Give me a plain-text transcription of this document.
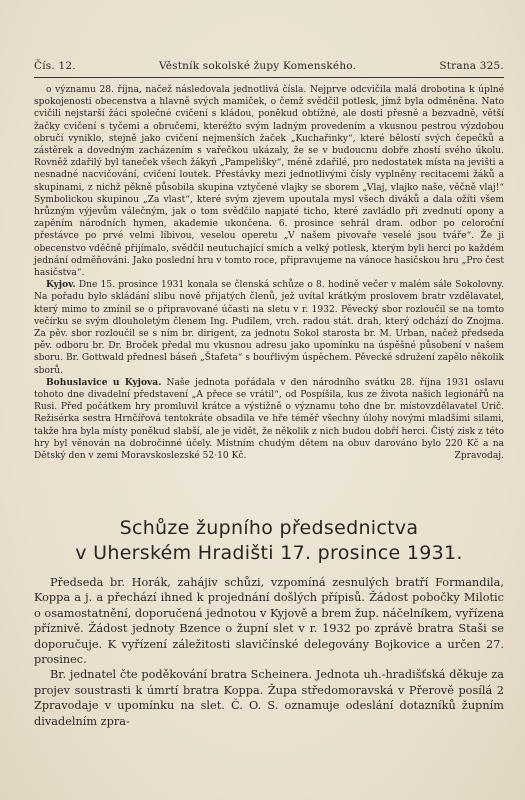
Čís. 12.	Věstník sokolské župy Komenského.	Strana 325.

o významu 28. října, načež následovala jednotlivá čísla. Nejprve odcvičila malá drobotina k úplné spokojenosti obecenstva a hlavně svých mamiček, o čemž svědčil potlesk, jímž byla odměněna. Nato cvičili nejstarší žáci společné cvičení s kládou, poněkud obtížné, ale dosti přesně a bezvadně, větší žačky cvičení s tyčemi a obručemi, kteréžto svým ladným provedením a vkusnou pestrou výzdobou obručí vyniklo, stejně jako cvičení nejmenších žaček „Kuchařinky“, které bělostí svých čepečků a zástěrek a dovedným zacházením s vařečkou ukázaly, že se v budoucnu dobře zhostí svého úkolu. Rovněž zdařilý byl taneček všech žákyň „Pampelišky“, méně zdařilé, pro nedostatek místa na jevišti a nesnadné nacvičování, cvičení loutek. Přestávky mezi jednotlivými čísly vyplněny recitacemi žáků a skupinami, z nichž pěkně působila skupina vztyčené vlajky se sborem „Vlaj, vlajko naše, věčně vlaj!“ Symbolickou skupinou „Za vlast“, které svým zjevem upoutala mysl všech diváků a dala ožíti všem hrůzným výjevům válečným, jak o tom svědčilo napjaté ticho, které zavládlo při zvednutí opony a zapěním národních hymen, akademie ukončena. 6. prosince sehrál dram. odbor po celoroční přestávce po prvé velmi líbivou, veselou operetu „V našem pivovaře veselé jsou tváře“. Že ji obecenstvo vděčně přijímalo, svědčil neutuchající smích a velký potlesk, kterým byli herci po každém jednání odměňováni. Jako poslední hru v tomto roce, připravujeme na vánoce hasičskou hru „Pro čest hasičstva“.

Kyjov. Dne 15. prosince 1931 konala se členská schůze o 8. hodině večer v malém sále Sokolovny. Na pořadu bylo skládání slibu nově přijatých členů, jež uvítal krátkým proslovem bratr vzdělavatel, který mimo to zmínil se o připravované účasti na sletu v r. 1932. Pěvecký sbor rozloučil se na tomto večírku se svým dlouholetým členem Ing. Pudilem, vrch. radou stát. drah, který odchází do Znojma. Za pěv. sbor rozloučil se s ním br. dirigent, za jednotu Sokol starosta br. M. Urban, načež předseda pěv. odboru br. Dr. Broček předal mu vkusnou adresu jako upomínku na úspěšné působení v našem sboru. Br. Gottwald přednesl báseň „Štafeta“ s bouřlivým úspěchem. Pěvecké sdružení zapělo několik sborů.

Bohuslavice u Kyjova. Naše jednota pořádala v den národního svátku 28. října 1931 oslavu tohoto dne divadelní představení „A přece se vrátil“, od Pospíšila, kus ze života našich legionářů na Rusi. Před počátkem hry promluvil krátce a výstižně o významu toho dne br. místovzdělavatel Urič. Režisérka sestra Hrnčířová tentokráte obsadila ve hře téměř všechny úlohy novými mladšími silami, takže hra byla místy poněkud slabší, ale je vidět, že několik z nich budou dobří herci. Čistý zisk z této hry byl věnován na dobročinné účely. Místním chudým dětem na obuv darováno bylo 220 Kč a na Dětský den v zemi Moravskoslezské 52·10 Kč.	Zpravodaj.

Schůze župního předsednictva
v Uherském Hradišti 17. prosince 1931.

Předseda br. Horák, zahájiv schůzi, vzpomíná zesnulých bratří Formandila, Koppa a j. a přechází ihned k projednání došlých přípisů. Žádost pobočky Milotic o osamostatnění, doporučená jednotou v Kyjově a brem žup. náčelníkem, vyřízena příznivě. Žádost jednoty Bzence o župní slet v r. 1932 po zprávě bratra Staši se doporučuje. K vyřízení záležitosti slavičínské delegovány Bojkovice a určen 27. prosinec.

Br. jednatel čte poděkování bratra Scheinera. Jednota uh.-hradišťská děkuje za projev soustrasti k úmrtí bratra Koppa. Župa středomoravská v Přerově posílá 2 Zpravodaje v upomínku na slet. Č. O. S. oznamuje odeslání dotazníků župním divadelním zpra-
